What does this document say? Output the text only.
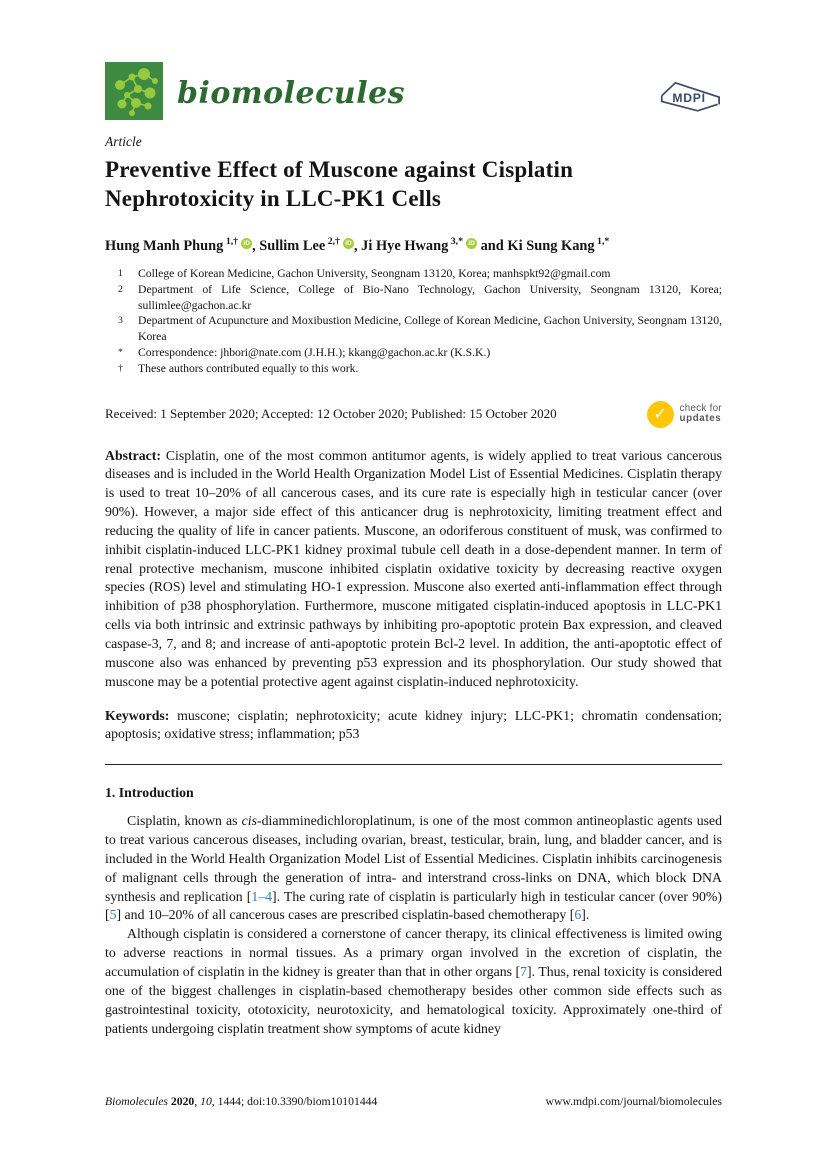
biomolecules	MDPI
Article
Preventive Effect of Muscone against Cisplatin Nephrotoxicity in LLC-PK1 Cells
Hung Manh Phung $^{1,\dagger}$ iD , Sullim Lee $^{2,\dagger}$ iD , Ji Hye Hwang $^{3,*}$ iD and Ki Sung Kang $^{1,*}$
1 College of Korean Medicine, Gachon University, Seongnam 13120, Korea; manhspkt92@gmail.com
2 Department of Life Science, College of Bio-Nano Technology, Gachon University, Seongnam 13120, Korea; sullimlee@gachon.ac.kr
3 Department of Acupuncture and Moxibustion Medicine, College of Korean Medicine, Gachon University, Seongnam 13120, Korea
* Correspondence: jhbori@nate.com (J.H.H.); kkang@gachon.ac.kr (K.S.K.)
† These authors contributed equally to this work.
Received: 1 September 2020; Accepted: 12 October 2020; Published: 15 October 2020	✓ check for
updates

Abstract: Cisplatin, one of the most common antitumor agents, is widely applied to treat various cancerous diseases and is included in the World Health Organization Model List of Essential Medicines. Cisplatin therapy is used to treat 10–20% of all cancerous cases, and its cure rate is especially high in testicular cancer (over 90%). However, a major side effect of this anticancer drug is nephrotoxicity, limiting treatment effect and reducing the quality of life in cancer patients. Muscone, an odoriferous constituent of musk, was confirmed to inhibit cisplatin-induced LLC-PK1 kidney proximal tubule cell death in a dose-dependent manner. In term of renal protective mechanism, muscone inhibited cisplatin oxidative toxicity by decreasing reactive oxygen species (ROS) level and stimulating HO-1 expression. Muscone also exerted anti-inflammation effect through inhibition of p38 phosphorylation. Furthermore, muscone mitigated cisplatin-induced apoptosis in LLC-PK1 cells via both intrinsic and extrinsic pathways by inhibiting pro-apoptotic protein Bax expression, and cleaved caspase-3, 7, and 8; and increase of anti-apoptotic protein Bcl-2 level. In addition, the anti-apoptotic effect of muscone also was enhanced by preventing p53 expression and its phosphorylation. Our study showed that muscone may be a potential protective agent against cisplatin-induced nephrotoxicity.

Keywords: muscone; cisplatin; nephrotoxicity; acute kidney injury; LLC-PK1; chromatin condensation; apoptosis; oxidative stress; inflammation; p53

1. Introduction

Cisplatin, known as cis-diamminedichloroplatinum, is one of the most common antineoplastic agents used to treat various cancerous diseases, including ovarian, breast, testicular, brain, lung, and bladder cancer, and is included in the World Health Organization Model List of Essential Medicines. Cisplatin inhibits carcinogenesis of malignant cells through the generation of intra- and interstrand cross-links on DNA, which block DNA synthesis and replication [1–4]. The curing rate of cisplatin is particularly high in testicular cancer (over 90%) [5] and 10–20% of all cancerous cases are prescribed cisplatin-based chemotherapy [6].

Although cisplatin is considered a cornerstone of cancer therapy, its clinical effectiveness is limited owing to adverse reactions in normal tissues. As a primary organ involved in the excretion of cisplatin, the accumulation of cisplatin in the kidney is greater than that in other organs [7]. Thus, renal toxicity is considered one of the biggest challenges in cisplatin-based chemotherapy besides other common side effects such as gastrointestinal toxicity, ototoxicity, neurotoxicity, and hematological toxicity. Approximately one-third of patients undergoing cisplatin treatment show symptoms of acute kidney

Biomolecules 2020, 10, 1444; doi:10.3390/biom10101444	www.mdpi.com/journal/biomolecules
